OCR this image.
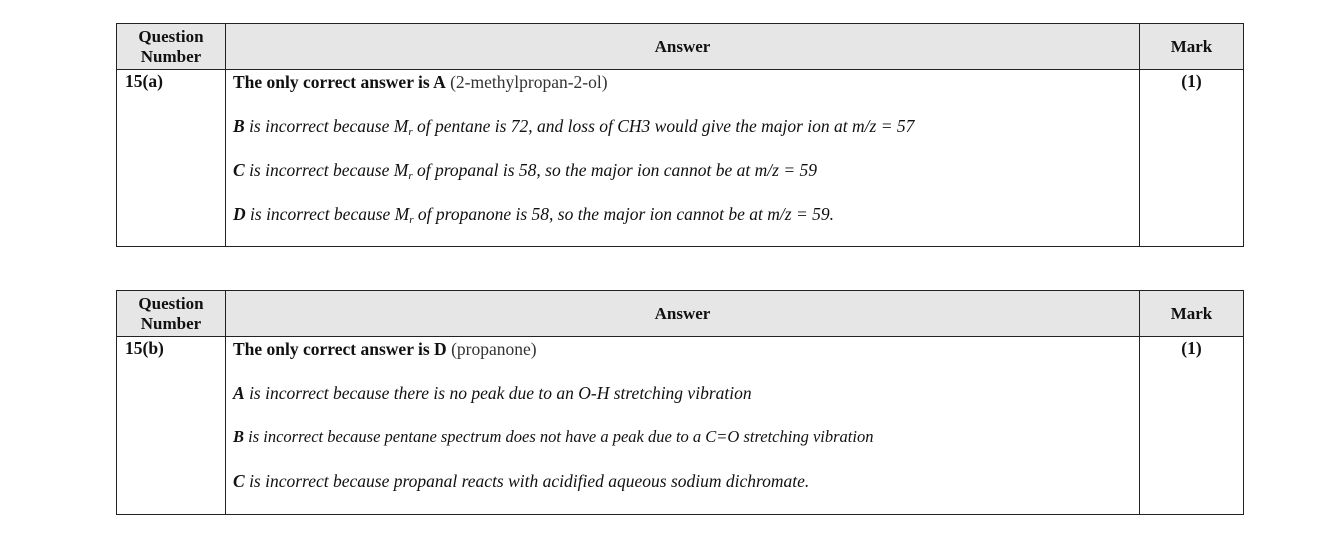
Question Number	Answer	Mark
15(a)	The only correct answer is A (2-methylpropan-2-ol)
B is incorrect because $M_r$ of pentane is 72, and loss of CH3 would give the major ion at m/z = 57
C is incorrect because $M_r$ of propanal is 58, so the major ion cannot be at m/z = 59
D is incorrect because $M_r$ of propanone is 58, so the major ion cannot be at m/z = 59.	(1)
Question Number	Answer	Mark
15(b)	The only correct answer is D (propanone)
A is incorrect because there is no peak due to an O-H stretching vibration
B is incorrect because pentane spectrum does not have a peak due to a C=O stretching vibration
C is incorrect because propanal reacts with acidified aqueous sodium dichromate.	(1)
